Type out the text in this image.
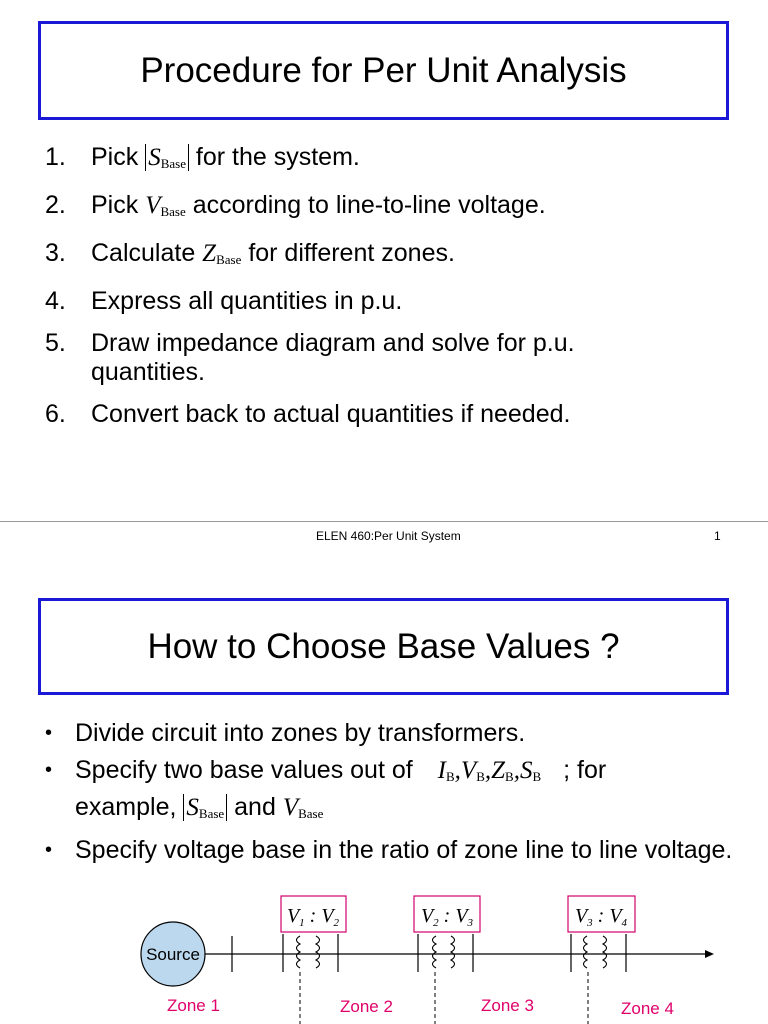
Procedure for Per Unit Analysis
1. Pick $S_{Base}$ for the system.
2. Pick $V_{Base}$ according to line-to-line voltage.
3. Calculate $Z_{Base}$ for different zones.
4. Express all quantities in p.u.
5. Draw impedance diagram and solve for p.u.
quantities.
6. Convert back to actual quantities if needed.
ELEN 460:Per Unit System	1
How to Choose Base Values ?
• Divide circuit into zones by transformers.
• Specify two base values out of $I_B,V_B,Z_B,S_B$ ; for
example, $S_{Base}$ and $V_{Base}$
• Specify voltage base in the ratio of zone line to line voltage.
Source
$V_1$ : $V_2$	$V_2$ : $V_3$	$V_3$ : $V_4$
Zone 1	Zone 2	Zone 3	Zone 4
